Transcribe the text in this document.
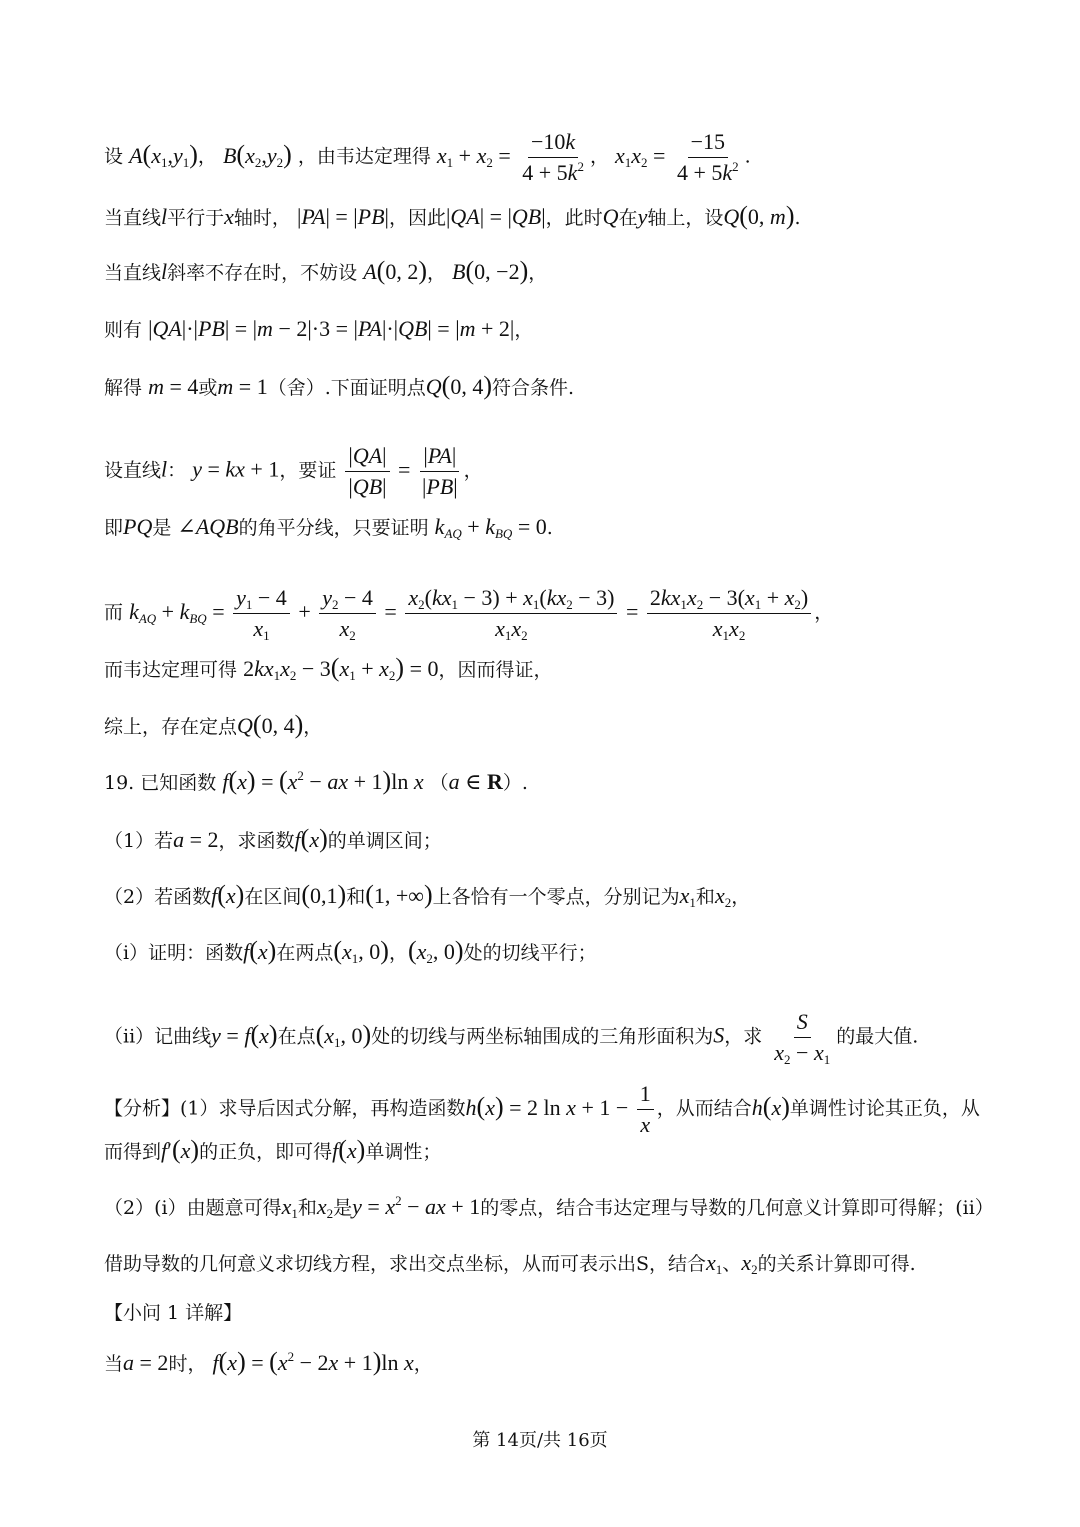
设 $A(x_1,y_1)$， $B(x_2,y_2)$ ，由韦达定理得 $x_1 + x_2 = \frac{-10k}{4 + 5k^2}$ ， $x_1x_2 = \frac{-15}{4 + 5k^2}$ .
当直线l平行于x轴时， |PA| = |PB|，因此|QA| = |QB|，此时Q在y轴上，设Q(0, m).
当直线l斜率不存在时，不妨设 A(0, 2)， B(0, −2)，
则有 |QA|·|PB| = |m − 2|·3 = |PA|·|QB| = |m + 2|，
解得 m = 4或m = 1（舍）.下面证明点Q(0, 4)符合条件.
设直线l： y = kx + 1，要证 $\frac{|QA|}{|QB|} = \frac{|PA|}{|PB|}$ ，
即PQ是 ∠AQB的角平分线，只要证明 $k_{AQ} + k_{BQ} = 0$.
而 $k_{AQ} + k_{BQ} = \frac{y_1 - 4}{x_1} + \frac{y_2 - 4}{x_2} = \frac{x_2(kx_1 - 3) + x_1(kx_2 - 3)}{x_1x_2} = \frac{2kx_1x_2 - 3(x_1 + x_2)}{x_1x_2}$ ，
而韦达定理可得 $2kx_1x_2 - 3(x_1 + x_2) = 0$，因而得证，
综上，存在定点Q(0, 4)，
19. 已知函数 $f(x) = (x^2$ − ax + 1)ln x （a ∈ R）.
（1）若a = 2，求函数f(x)的单调区间；
（2）若函数f(x)在区间(0,1)和(1, +∞)上各恰有一个零点，分别记为$x_1$和$x_2$，
（i）证明：函数f(x)在两点($x_1$, 0)，($x_2$, 0)处的切线平行；
（ii）记曲线y = f(x)在点($x_1$, 0)处的切线与两坐标轴围成的三角形面积为S，求 $\frac{S}{x_2 - x_1}$ 的最大值.
【分析】(1）求导后因式分解，再构造函数h(x) = 2 $\ln x + 1 - \frac{1}{x}$ ，从而结合h(x)单调性讨论其正负，从
而得到f′(x)的正负，即可得f(x)单调性；
（2）(i）由题意可得$x_1$和$x_2$是$y = x^2$ − ax + 1的零点，结合韦达定理与导数的几何意义计算即可得解；(ii）
借助导数的几何意义求切线方程，求出交点坐标，从而可表示出S，结合$x_1$、$x_2$的关系计算即可得.
【小问 1 详解】
当a = 2时， $f(x) = (x^2 - 2x + 1)\ln$ x，
第 14页/共 16页
